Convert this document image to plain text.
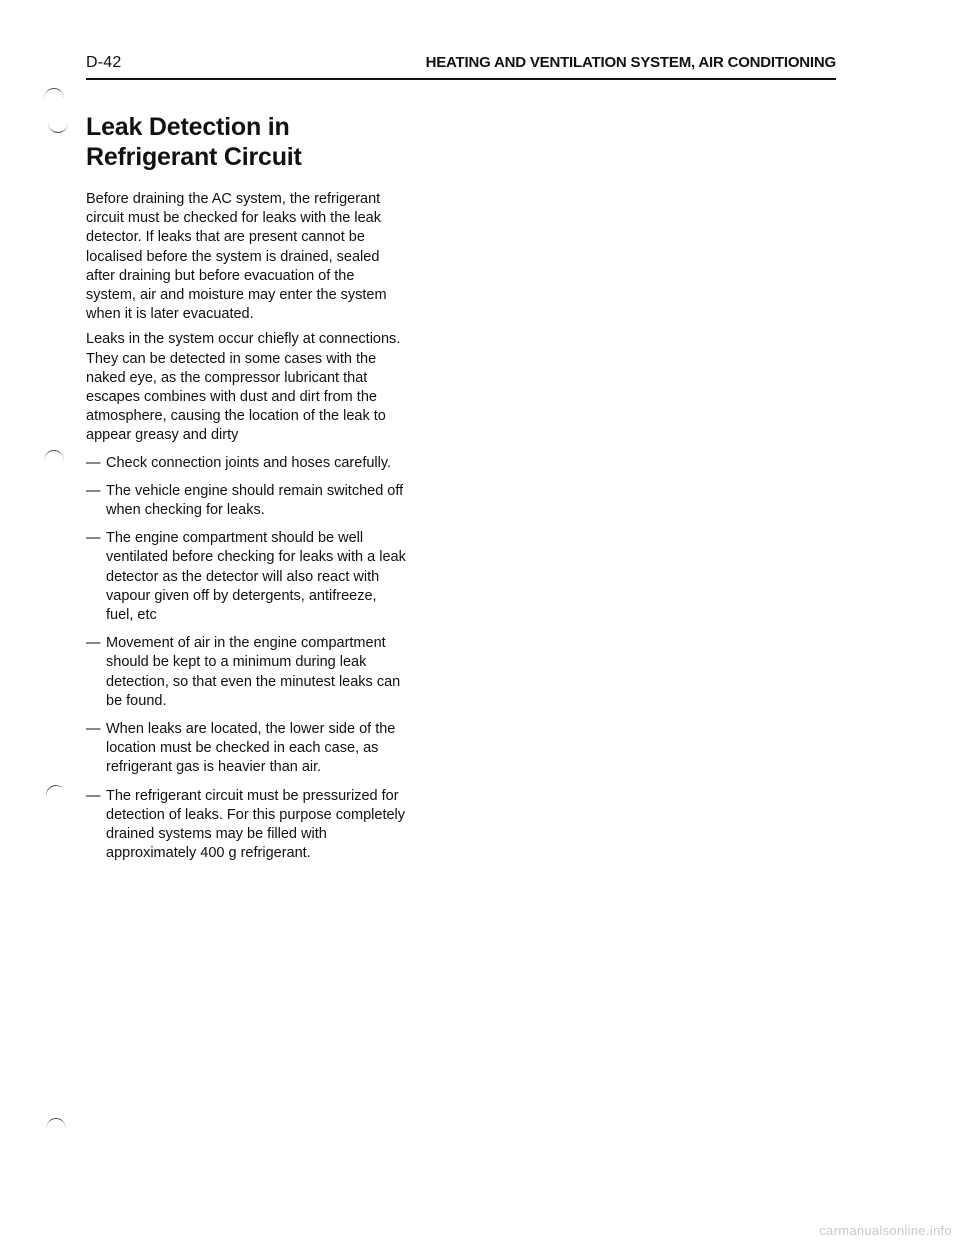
D-42	HEATING AND VENTILATION SYSTEM, AIR CONDITIONING
Leak Detection in
Refrigerant Circuit

Before draining the AC system, the refrigerant circuit must be checked for leaks with the leak detector. If leaks that are present cannot be localised before the system is drained, sealed after draining but before evacuation of the system, air and moisture may enter the system when it is later evacuated.

Leaks in the system occur chiefly at connections. They can be detected in some cases with the naked eye, as the compressor lubricant that escapes combines with dust and dirt from the atmosphere, causing the location of the leak to appear greasy and dirty

— Check connection joints and hoses carefully.
— The vehicle engine should remain switched off when checking for leaks.
— The engine compartment should be well ventilated before checking for leaks with a leak detector as the detector will also react with vapour given off by detergents, antifreeze, fuel, etc
— Movement of air in the engine compartment should be kept to a minimum during leak detection, so that even the minutest leaks can be found.
— When leaks are located, the lower side of the location must be checked in each case, as refrigerant gas is heavier than air.
— The refrigerant circuit must be pressurized for detection of leaks. For this purpose completely drained systems may be filled with approximately 400 g refrigerant.
carmanualsonline.info
